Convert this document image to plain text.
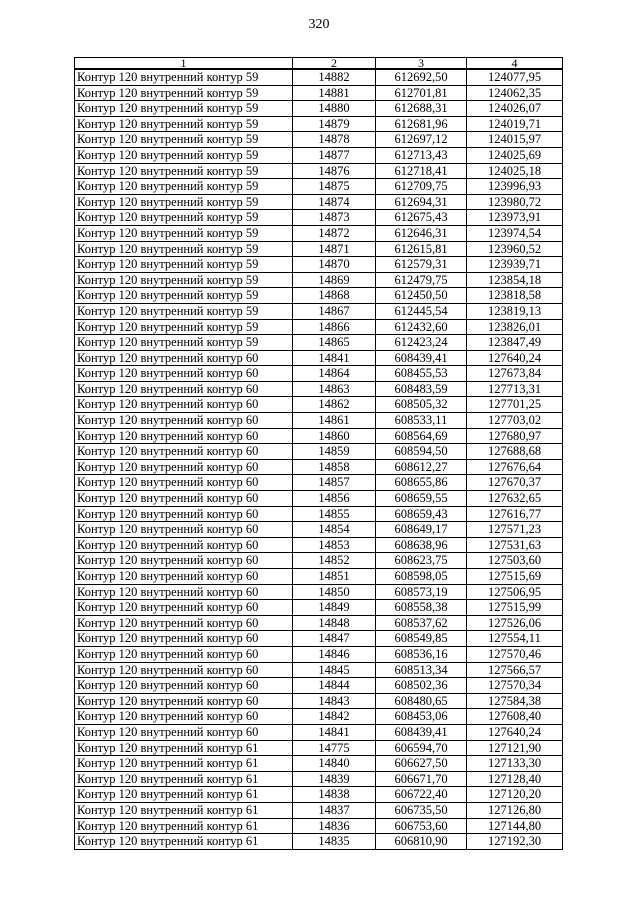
320
1	2	3	4
Контур 120 внутренний контур 59	14882	612692,50	124077,95
Контур 120 внутренний контур 59	14881	612701,81	124062,35
Контур 120 внутренний контур 59	14880	612688,31	124026,07
Контур 120 внутренний контур 59	14879	612681,96	124019,71
Контур 120 внутренний контур 59	14878	612697,12	124015,97
Контур 120 внутренний контур 59	14877	612713,43	124025,69
Контур 120 внутренний контур 59	14876	612718,41	124025,18
Контур 120 внутренний контур 59	14875	612709,75	123996,93
Контур 120 внутренний контур 59	14874	612694,31	123980,72
Контур 120 внутренний контур 59	14873	612675,43	123973,91
Контур 120 внутренний контур 59	14872	612646,31	123974,54
Контур 120 внутренний контур 59	14871	612615,81	123960,52
Контур 120 внутренний контур 59	14870	612579,31	123939,71
Контур 120 внутренний контур 59	14869	612479,75	123854,18
Контур 120 внутренний контур 59	14868	612450,50	123818,58
Контур 120 внутренний контур 59	14867	612445,54	123819,13
Контур 120 внутренний контур 59	14866	612432,60	123826,01
Контур 120 внутренний контур 59	14865	612423,24	123847,49
Контур 120 внутренний контур 60	14841	608439,41	127640,24
Контур 120 внутренний контур 60	14864	608455,53	127673,84
Контур 120 внутренний контур 60	14863	608483,59	127713,31
Контур 120 внутренний контур 60	14862	608505,32	127701,25
Контур 120 внутренний контур 60	14861	608533,11	127703,02
Контур 120 внутренний контур 60	14860	608564,69	127680,97
Контур 120 внутренний контур 60	14859	608594,50	127688,68
Контур 120 внутренний контур 60	14858	608612,27	127676,64
Контур 120 внутренний контур 60	14857	608655,86	127670,37
Контур 120 внутренний контур 60	14856	608659,55	127632,65
Контур 120 внутренний контур 60	14855	608659,43	127616,77
Контур 120 внутренний контур 60	14854	608649,17	127571,23
Контур 120 внутренний контур 60	14853	608638,96	127531,63
Контур 120 внутренний контур 60	14852	608623,75	127503,60
Контур 120 внутренний контур 60	14851	608598,05	127515,69
Контур 120 внутренний контур 60	14850	608573,19	127506,95
Контур 120 внутренний контур 60	14849	608558,38	127515,99
Контур 120 внутренний контур 60	14848	608537,62	127526,06
Контур 120 внутренний контур 60	14847	608549,85	127554,11
Контур 120 внутренний контур 60	14846	608536,16	127570,46
Контур 120 внутренний контур 60	14845	608513,34	127566,57
Контур 120 внутренний контур 60	14844	608502,36	127570,34
Контур 120 внутренний контур 60	14843	608480,65	127584,38
Контур 120 внутренний контур 60	14842	608453,06	127608,40
Контур 120 внутренний контур 60	14841	608439,41	127640,24
Контур 120 внутренний контур 61	14775	606594,70	127121,90
Контур 120 внутренний контур 61	14840	606627,50	127133,30
Контур 120 внутренний контур 61	14839	606671,70	127128,40
Контур 120 внутренний контур 61	14838	606722,40	127120,20
Контур 120 внутренний контур 61	14837	606735,50	127126,80
Контур 120 внутренний контур 61	14836	606753,60	127144,80
Контур 120 внутренний контур 61	14835	606810,90	127192,30
